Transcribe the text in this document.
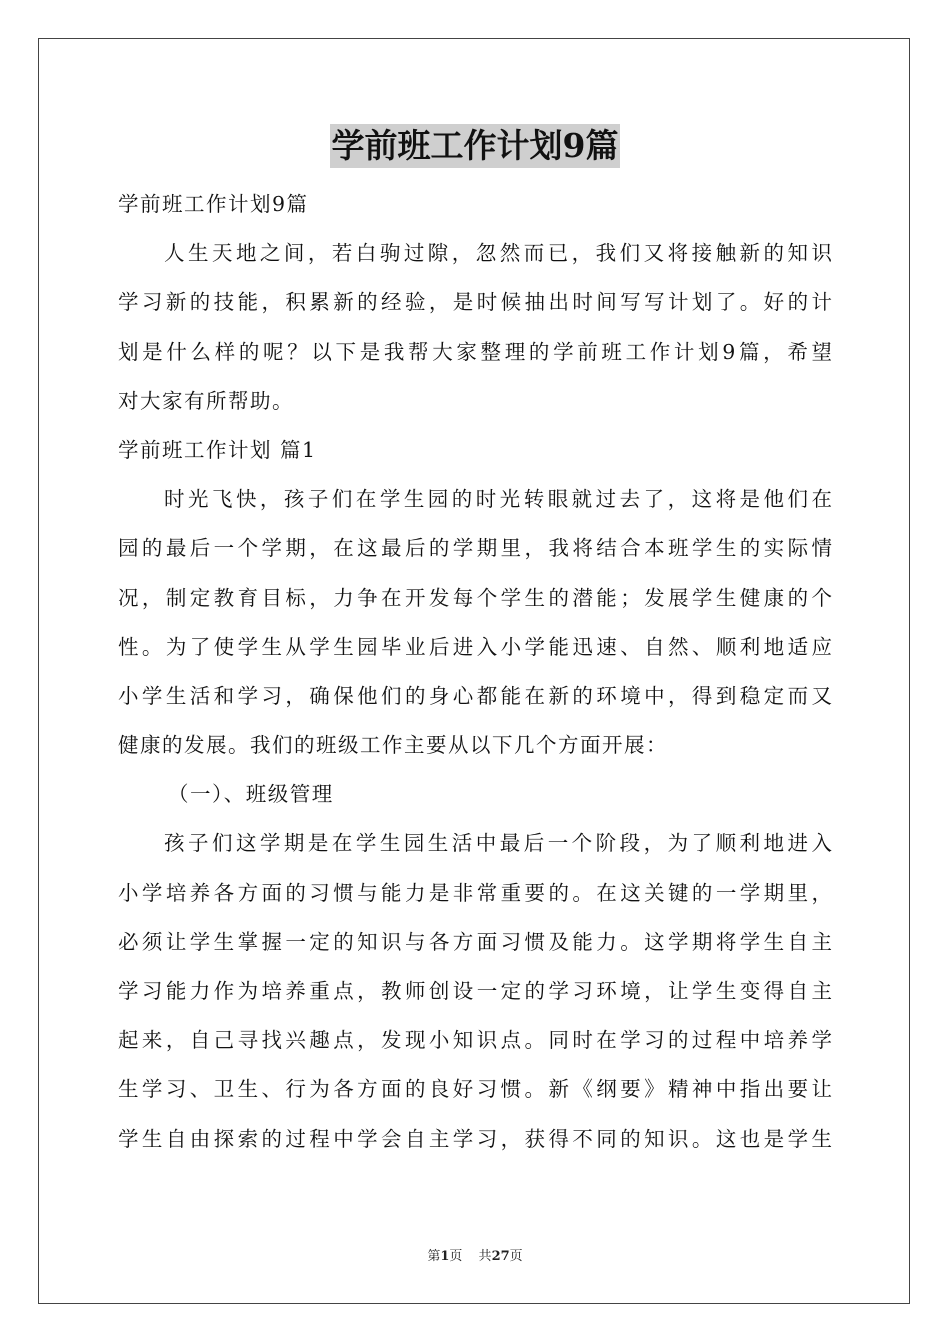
学前班工作计划9篇
学前班工作计划9篇
人生天地之间，若白驹过隙，忽然而已，我们又将接触新的知识
学习新的技能，积累新的经验，是时候抽出时间写写计划了。好的计
划是什么样的呢？以下是我帮大家整理的学前班工作计划9篇，希望
对大家有所帮助。
学前班工作计划 篇1
时光飞快，孩子们在学生园的时光转眼就过去了，这将是他们在
园的最后一个学期，在这最后的学期里，我将结合本班学生的实际情
况，制定教育目标，力争在开发每个学生的潜能；发展学生健康的个
性。为了使学生从学生园毕业后进入小学能迅速、自然、顺利地适应
小学生活和学习，确保他们的身心都能在新的环境中，得到稳定而又
健康的发展。我们的班级工作主要从以下几个方面开展：
（一）、班级管理
孩子们这学期是在学生园生活中最后一个阶段，为了顺利地进入
小学培养各方面的习惯与能力是非常重要的。在这关键的一学期里，
必须让学生掌握一定的知识与各方面习惯及能力。这学期将学生自主
学习能力作为培养重点，教师创设一定的学习环境，让学生变得自主
起来，自己寻找兴趣点，发现小知识点。同时在学习的过程中培养学
生学习、卫生、行为各方面的良好习惯。新《纲要》精神中指出要让
学生自由探索的过程中学会自主学习，获得不同的知识。这也是学生
第1页 共27页
